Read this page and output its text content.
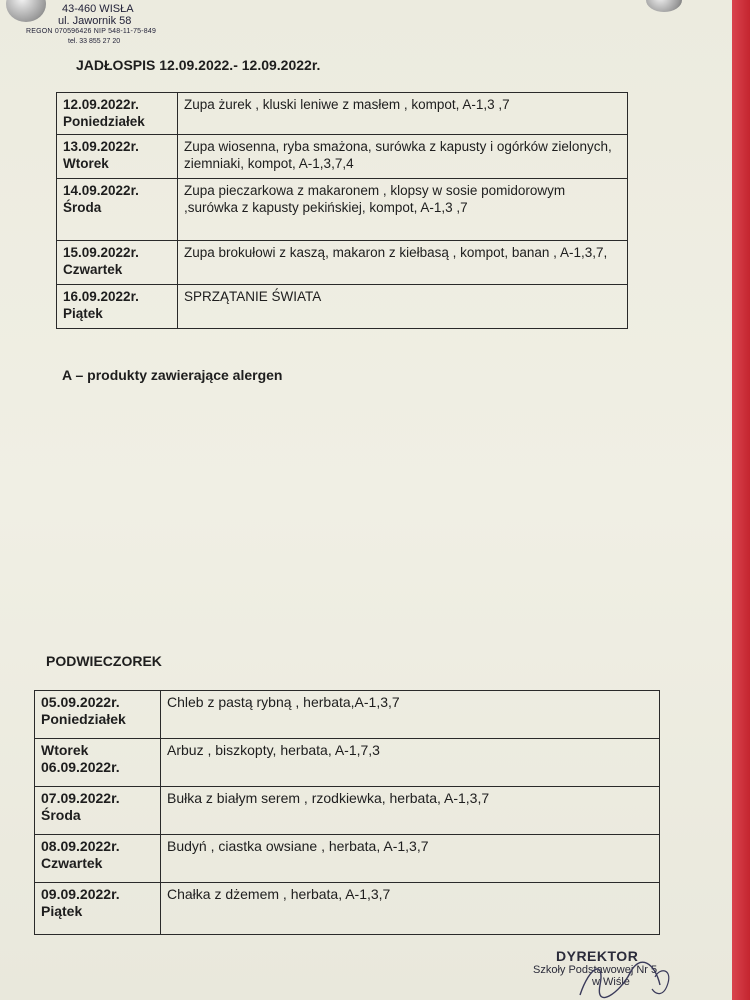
43-460 WISŁA
ul. Jawornik 58
REGON 070596426 NIP 548-11-75-849
tel. 33 855 27 20
JADŁOSPIS 12.09.2022.- 12.09.2022r.
12.09.2022r.
Poniedziałek	Zupa żurek , kluski leniwe z masłem , kompot, A-1,3 ,7

13.09.2022r.
Wtorek	Zupa wiosenna, ryba smażona, surówka z kapusty i ogórków zielonych, ziemniaki, kompot, A-1,3,7,4

14.09.2022r.
Środa	Zupa pieczarkowa z makaronem , klopsy w sosie pomidorowym ,surówka z kapusty pekińskiej, kompot, A-1,3 ,7

15.09.2022r.
Czwartek	Zupa brokułowi z kaszą, makaron z kiełbasą , kompot, banan , A-1,3,7,

16.09.2022r.
Piątek	SPRZĄTANIE ŚWIATA
A – produkty zawierające alergen
PODWIECZOREK
05.09.2022r.
Poniedziałek	Chleb z pastą rybną , herbata,A-1,3,7

Wtorek
06.09.2022r.	Arbuz , biszkopty, herbata, A-1,7,3

07.09.2022r.
Środa	Bułka z białym serem , rzodkiewka, herbata, A-1,3,7

08.09.2022r.
Czwartek	Budyń , ciastka owsiane , herbata, A-1,3,7

09.09.2022r.
Piątek	Chałka z dżemem , herbata, A-1,3,7
DYREKTOR
Szkoły Podstawowej Nr 5
w Wiśle
